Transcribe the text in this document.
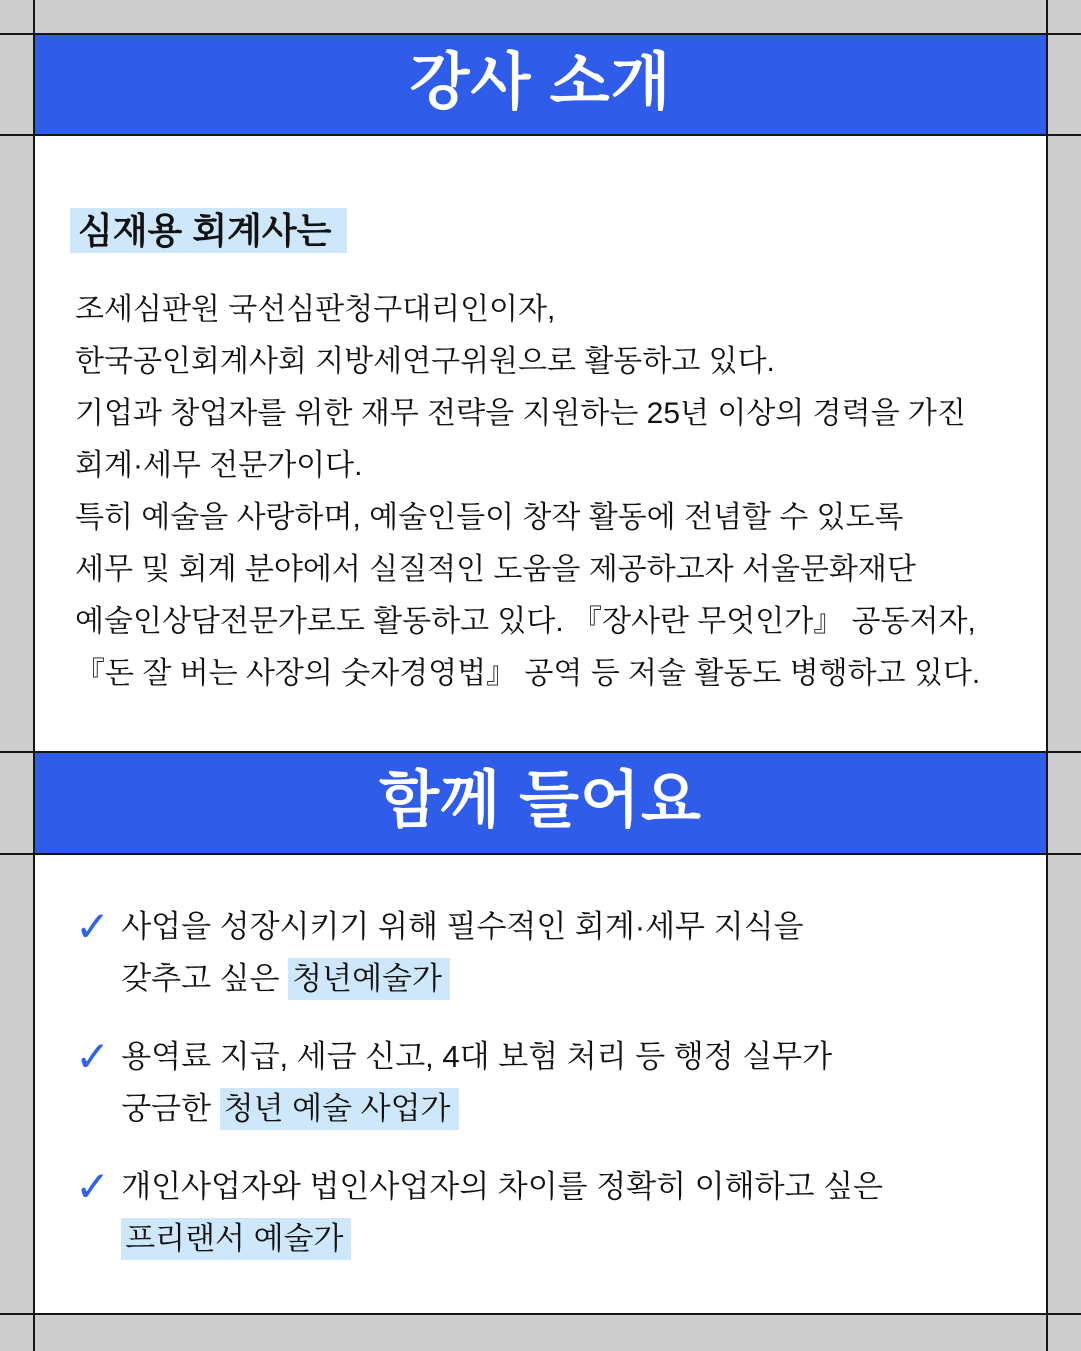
강사 소개
심재용 회계사는
조세심판원 국선심판청구대리인이자,
한국공인회계사회 지방세연구위원으로 활동하고 있다.
기업과 창업자를 위한 재무 전략을 지원하는 25년 이상의 경력을 가진
회계·세무 전문가이다.
특히 예술을 사랑하며, 예술인들이 창작 활동에 전념할 수 있도록
세무 및 회계 분야에서 실질적인 도움을 제공하고자 서울문화재단
예술인상담전문가로도 활동하고 있다. 『장사란 무엇인가』 공동저자,
『돈 잘 버는 사장의 숫자경영법』 공역 등 저술 활동도 병행하고 있다.
함께 들어요
✓ 사업을 성장시키기 위해 필수적인 회계·세무 지식을
갖추고 싶은 청년예술가
✓ 용역료 지급, 세금 신고, 4대 보험 처리 등 행정 실무가
궁금한 청년 예술 사업가
✓ 개인사업자와 법인사업자의 차이를 정확히 이해하고 싶은
프리랜서 예술가
